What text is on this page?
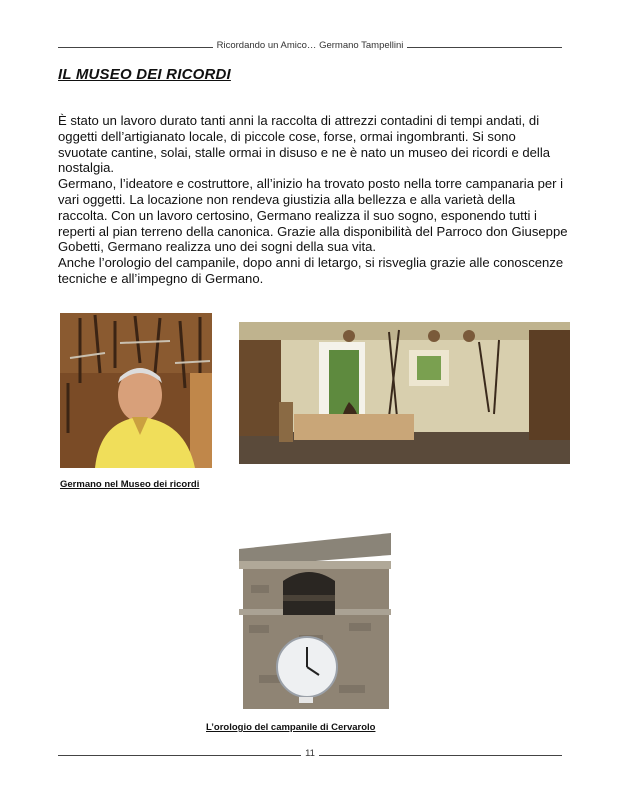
Ricordando un Amico… Germano Tampellini
IL MUSEO DEI RICORDI

È stato un lavoro durato tanti anni la raccolta di attrezzi contadini di tempi andati, di oggetti dell’artigianato locale, di piccole cose, forse, ormai ingombranti. Si sono svuotate cantine, solai, stalle ormai in disuso e ne è nato un museo dei ricordi e della nostalgia.

Germano, l’ideatore e costruttore, all’inizio ha trovato posto nella torre campanaria per i vari oggetti. La locazione non rendeva giustizia alla bellezza e alla varietà della raccolta. Con un lavoro certosino, Germano realizza il suo sogno, esponendo tutti i reperti al pian terreno della canonica. Grazie alla disponibilità del Parroco don Giuseppe Gobetti, Germano realizza uno dei sogni della sua vita.

Anche l’orologio del campanile, dopo anni di letargo, si risveglia grazie alle conoscenze tecniche e all’impegno di Germano.

Germano nel Museo dei ricordi
L’orologio del campanile di Cervarolo
11
